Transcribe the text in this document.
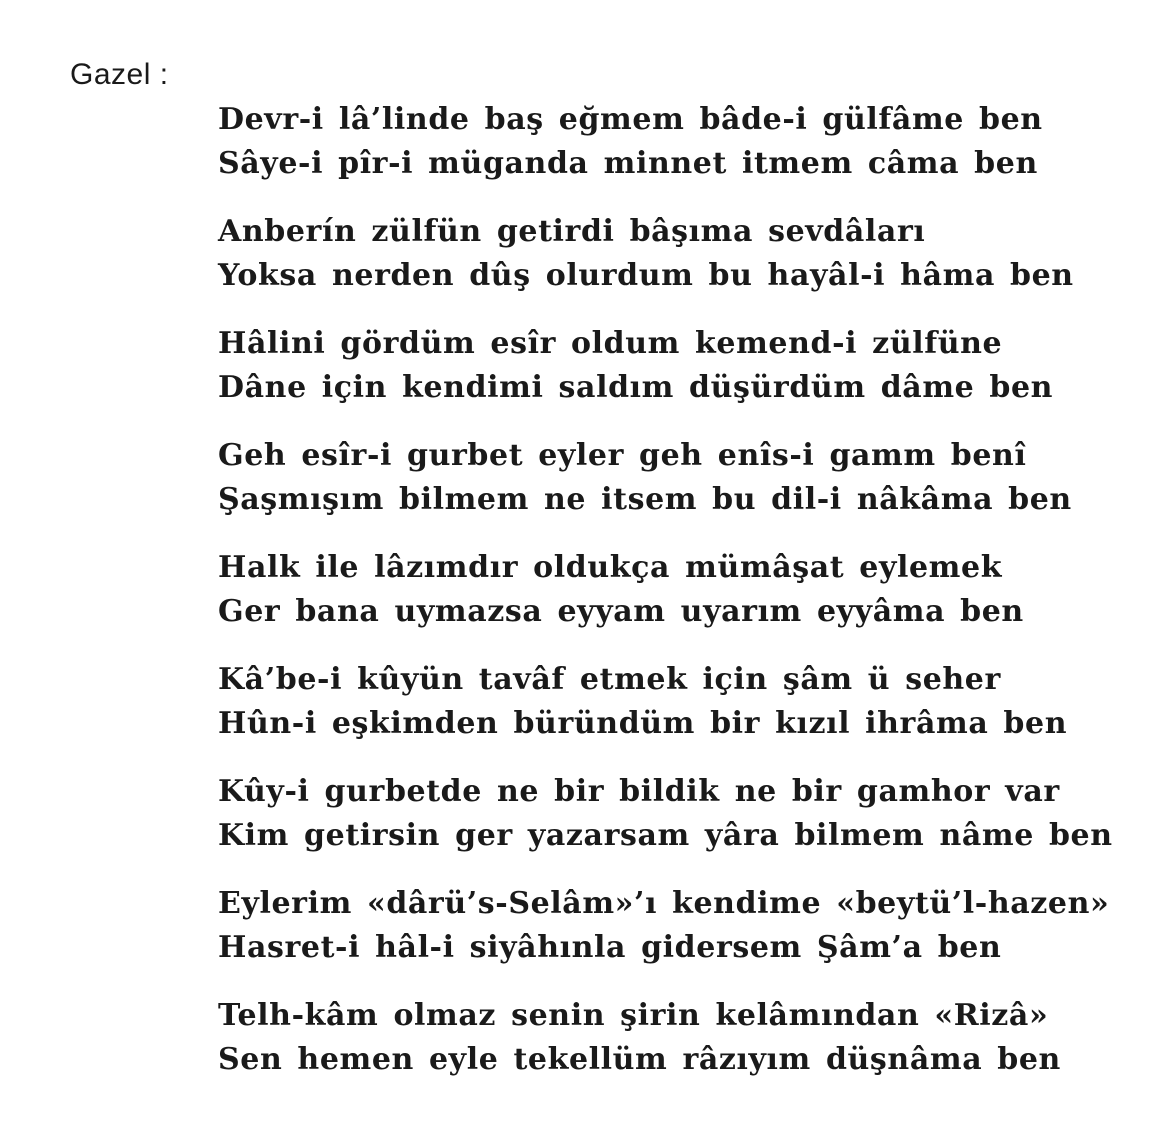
Gazel :
Devr-i lâ’linde baş eğmem bâde-i gülfâme ben
Sâye-i pîr-i müganda minnet itmem câma ben
Anberín zülfün getirdi bâşıma sevdâları
Yoksa nerden dûş olurdum bu hayâl-i hâma ben
Hâlini gördüm esîr oldum kemend-i zülfüne
Dâne için kendimi saldım düşürdüm dâme ben
Geh esîr-i gurbet eyler geh enîs-i gamm benî
Şaşmışım bilmem ne itsem bu dil-i nâkâma ben
Halk ile lâzımdır oldukça mümâşat eylemek
Ger bana uymazsa eyyam uyarım eyyâma ben
Kâ’be-i kûyün tavâf etmek için şâm ü seher
Hûn-i eşkimden büründüm bir kızıl ihrâma ben
Kûy-i gurbetde ne bir bildik ne bir gamhor var
Kim getirsin ger yazarsam yâra bilmem nâme ben
Eylerim «dârü’s-Selâm»’ı kendime «beytü’l-hazen»
Hasret-i hâl-i siyâhınla gidersem Şâm’a ben
Telh-kâm olmaz senin şirin kelâmından «Rizâ»
Sen hemen eyle tekellüm râzıyım düşnâma ben
